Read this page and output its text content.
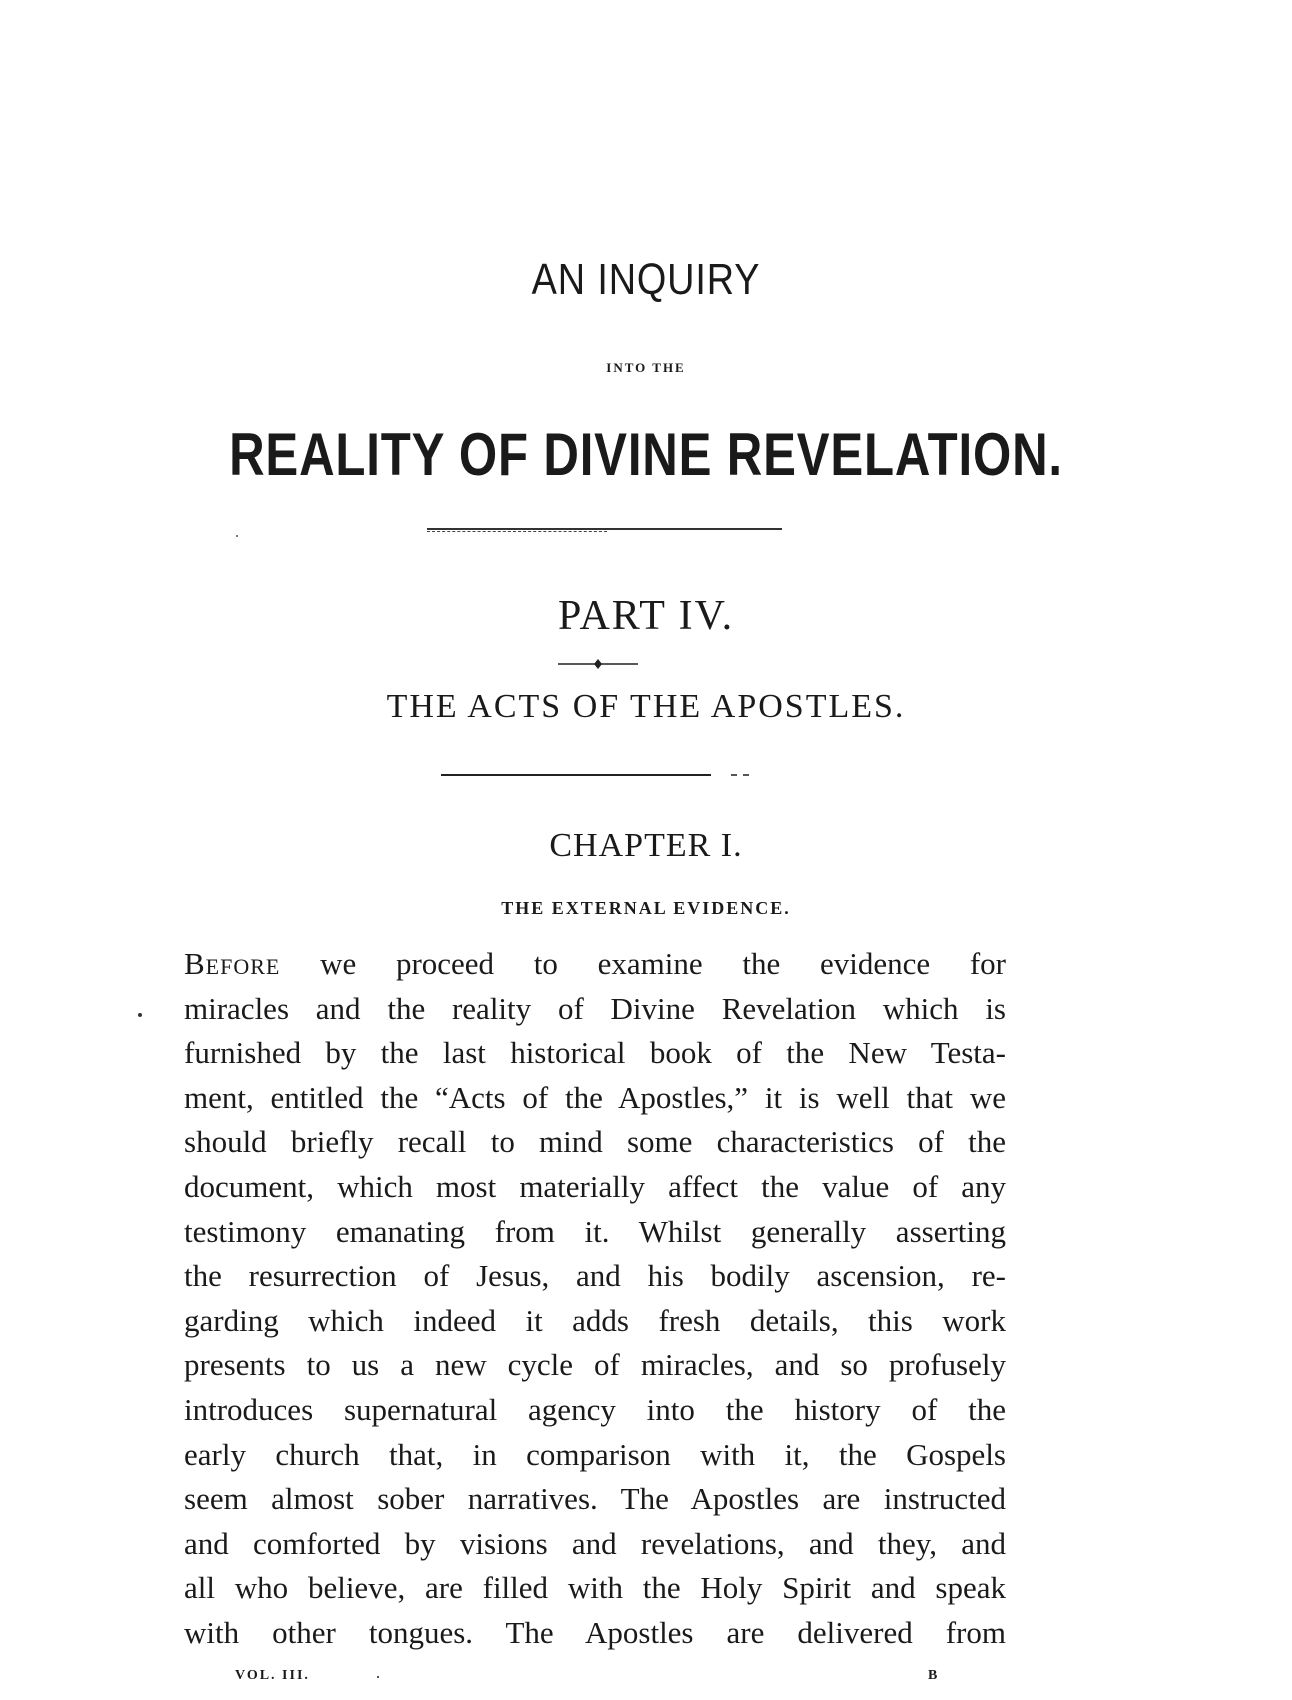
AN INQUIRY
INTO THE
REALITY OF DIVINE REVELATION.
PART IV.
THE ACTS OF THE APOSTLES.
CHAPTER I.
THE EXTERNAL EVIDENCE.
Before we proceed to examine the evidence for
miracles and the reality of Divine Revelation which is
furnished by the last historical book of the New Testa-
ment, entitled the “Acts of the Apostles,” it is well that we
should briefly recall to mind some characteristics of the
document, which most materially affect the value of any
testimony emanating from it. Whilst generally asserting
the resurrection of Jesus, and his bodily ascension, re-
garding which indeed it adds fresh details, this work
presents to us a new cycle of miracles, and so profusely
introduces supernatural agency into the history of the
early church that, in comparison with it, the Gospels
seem almost sober narratives. The Apostles are instructed
and comforted by visions and revelations, and they, and
all who believe, are filled with the Holy Spirit and speak
with other tongues. The Apostles are delivered from
VOL. III.	B
